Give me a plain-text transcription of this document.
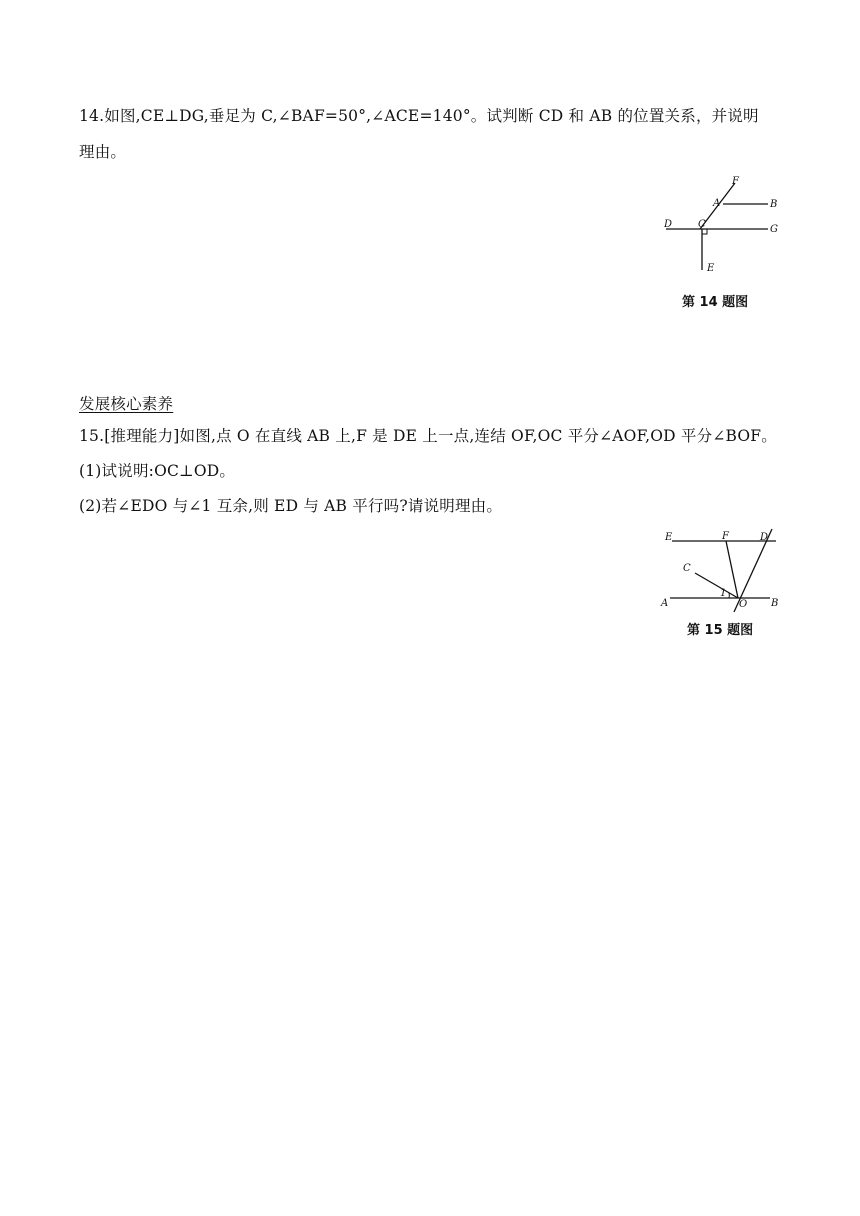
14.如图,CE⊥DG,垂足为 C,∠BAF=50°,∠ACE=140°。试判断 CD 和 AB 的位置关系，并说明
理由。
F
A	B
D	C	G
E
第 14 题图
发展核心素养
15.[推理能力]如图,点 O 在直线 AB 上,F 是 DE 上一点,连结 OF,OC 平分∠AOF,OD 平分∠BOF。
(1)试说明:OC⊥OD。
(2)若∠EDO 与∠1 互余,则 ED 与 AB 平行吗?请说明理由。
E	F	D
C
A
1
O B
第 15 题图
